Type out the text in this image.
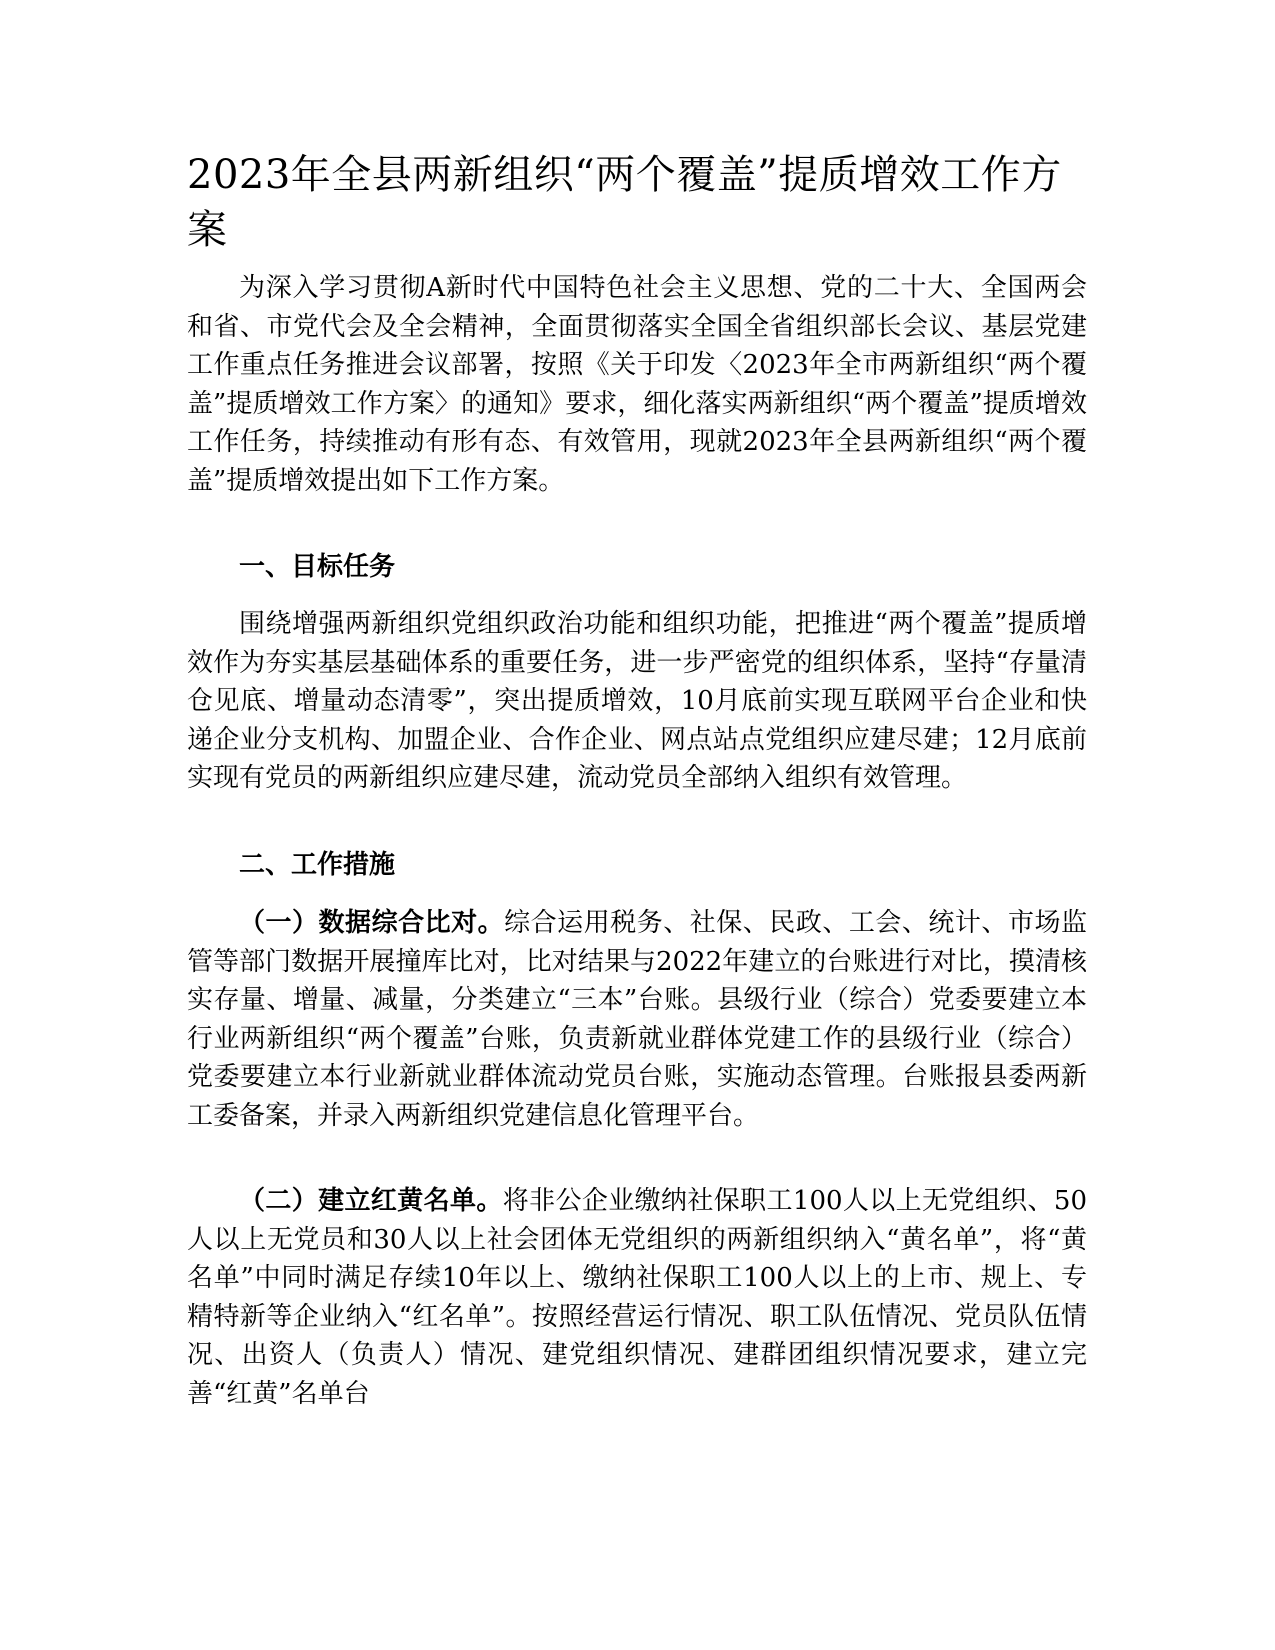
2023年全县两新组织“两个覆盖”提质增效工作方案

为深入学习贯彻A新时代中国特色社会主义思想、党的二十大、全国两会和省、市党代会及全会精神，全面贯彻落实全国全省组织部长会议、基层党建工作重点任务推进会议部署，按照《关于印发〈2023年全市两新组织“两个覆盖”提质增效工作方案〉的通知》要求，细化落实两新组织“两个覆盖”提质增效工作任务，持续推动有形有态、有效管用，现就2023年全县两新组织“两个覆盖”提质增效提出如下工作方案。

一、目标任务

围绕增强两新组织党组织政治功能和组织功能，把推进“两个覆盖”提质增效作为夯实基层基础体系的重要任务，进一步严密党的组织体系，坚持“存量清仓见底、增量动态清零”，突出提质增效，10月底前实现互联网平台企业和快递企业分支机构、加盟企业、合作企业、网点站点党组织应建尽建；12月底前实现有党员的两新组织应建尽建，流动党员全部纳入组织有效管理。

二、工作措施

（一）数据综合比对。综合运用税务、社保、民政、工会、统计、市场监管等部门数据开展撞库比对，比对结果与2022年建立的台账进行对比，摸清核实存量、增量、减量，分类建立“三本”台账。县级行业（综合）党委要建立本行业两新组织“两个覆盖”台账，负责新就业群体党建工作的县级行业（综合）党委要建立本行业新就业群体流动党员台账，实施动态管理。台账报县委两新工委备案，并录入两新组织党建信息化管理平台。

（二）建立红黄名单。将非公企业缴纳社保职工100人以上无党组织、50人以上无党员和30人以上社会团体无党组织的两新组织纳入“黄名单”，将“黄名单”中同时满足存续10年以上、缴纳社保职工100人以上的上市、规上、专精特新等企业纳入“红名单”。按照经营运行情况、职工队伍情况、党员队伍情况、出资人（负责人）情况、建党组织情况、建群团组织情况要求，建立完善“红黄”名单台
